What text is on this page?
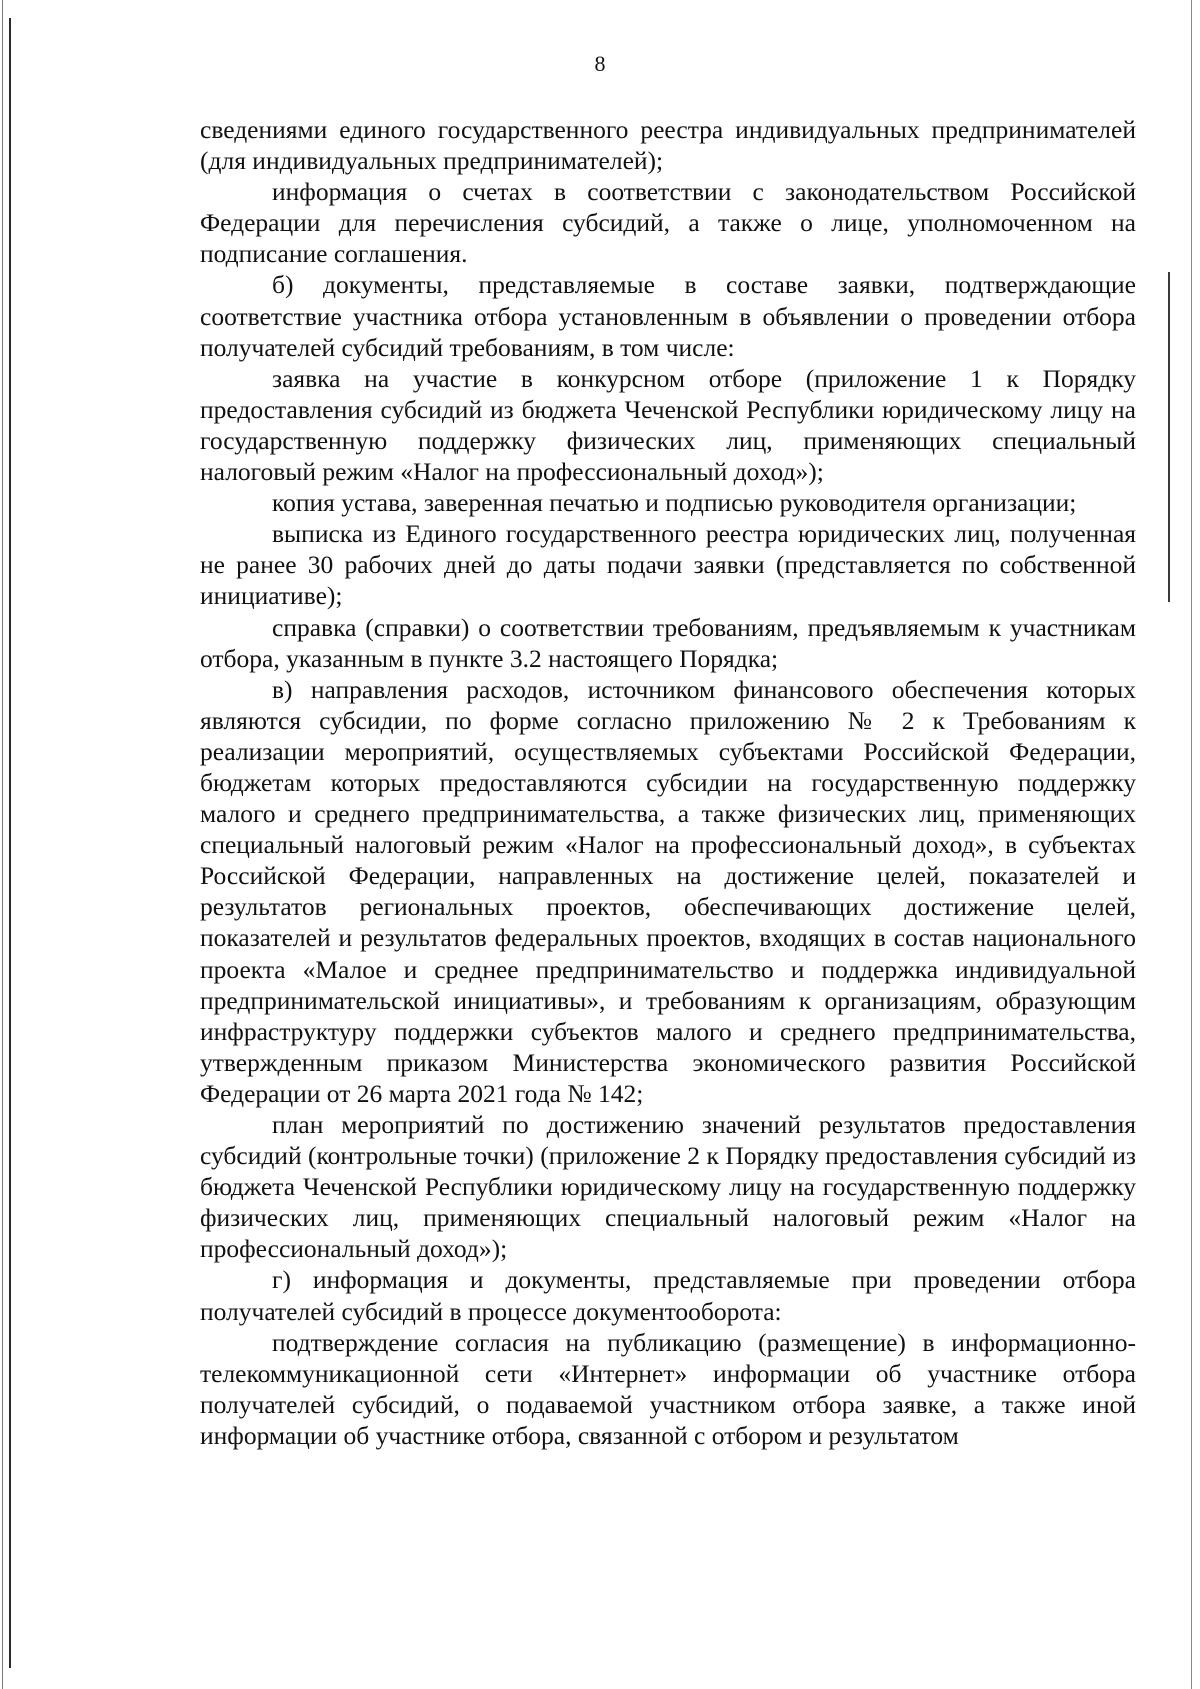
8

сведениями единого государственного реестра индивидуальных предпринимателей (для индивидуальных предпринимателей);

информация о счетах в соответствии с законодательством Российской Федерации для перечисления субсидий, а также о лице, уполномоченном на подписание соглашения.

б) документы, представляемые в составе заявки, подтверждающие соответствие участника отбора установленным в объявлении о проведении отбора получателей субсидий требованиям, в том числе:

заявка на участие в конкурсном отборе (приложение 1 к Порядку предоставления субсидий из бюджета Чеченской Республики юридическому лицу на государственную поддержку физических лиц, применяющих специальный налоговый режим «Налог на профессиональный доход»);

копия устава, заверенная печатью и подписью руководителя организации;

выписка из Единого государственного реестра юридических лиц, полученная не ранее 30 рабочих дней до даты подачи заявки (представляется по собственной инициативе);

справка (справки) о соответствии требованиям, предъявляемым к участникам отбора, указанным в пункте 3.2 настоящего Порядка;

в) направления расходов, источником финансового обеспечения которых являются субсидии, по форме согласно приложению № 2 к Требованиям к реализации мероприятий, осуществляемых субъектами Российской Федерации, бюджетам которых предоставляются субсидии на государственную поддержку малого и среднего предпринимательства, а также физических лиц, применяющих специальный налоговый режим «Налог на профессиональный доход», в субъектах Российской Федерации, направленных на достижение целей, показателей и результатов региональных проектов, обеспечивающих достижение целей, показателей и результатов федеральных проектов, входящих в состав национального проекта «Малое и среднее предпринимательство и поддержка индивидуальной предпринимательской инициативы», и требованиям к организациям, образующим инфраструктуру поддержки субъектов малого и среднего предпринимательства, утвержденным приказом Министерства экономического развития Российской Федерации от 26 марта 2021 года № 142;

план мероприятий по достижению значений результатов предоставления субсидий (контрольные точки) (приложение 2 к Порядку предоставления субсидий из бюджета Чеченской Республики юридическому лицу на государственную поддержку физических лиц, применяющих специальный налоговый режим «Налог на профессиональный доход»);

г) информация и документы, представляемые при проведении отбора получателей субсидий в процессе документооборота:

подтверждение согласия на публикацию (размещение) в информационно-телекоммуникационной сети «Интернет» информации об участнике отбора получателей субсидий, о подаваемой участником отбора заявке, а также иной информации об участнике отбора, связанной с отбором и результатом
